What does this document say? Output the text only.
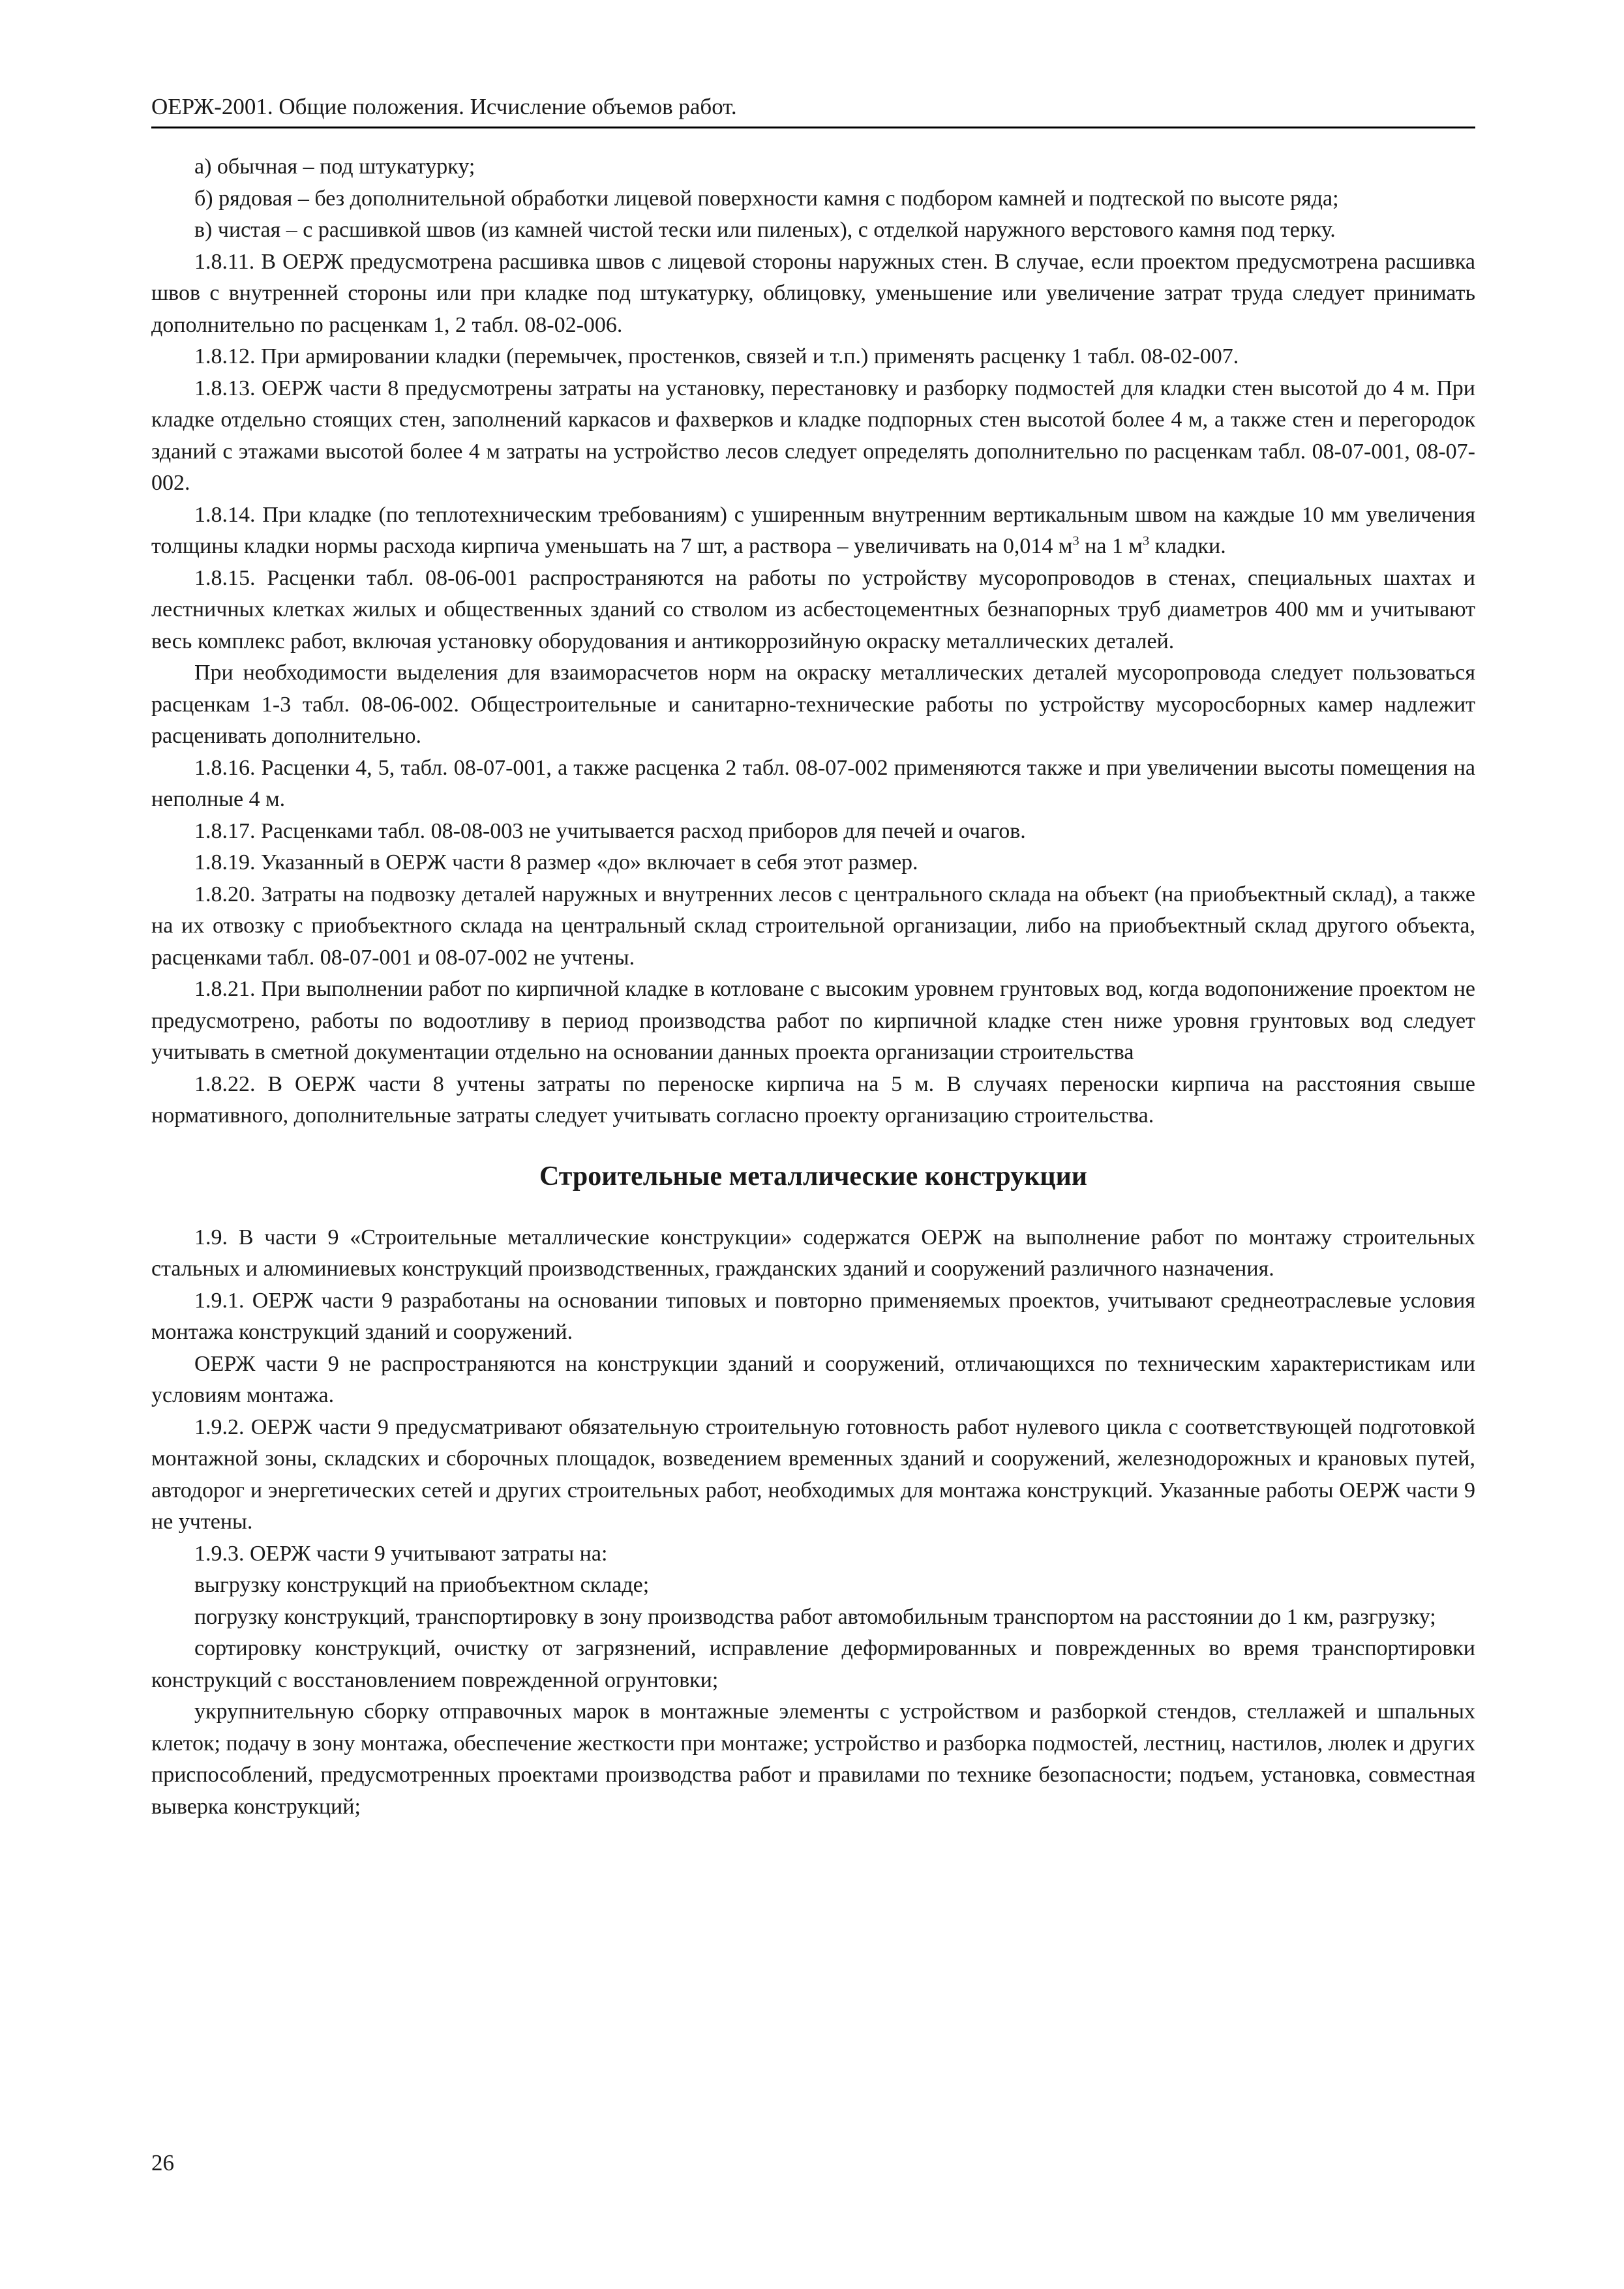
ОЕРЖ-2001. Общие положения. Исчисление объемов работ.

а) обычная – под штукатурку;

б) рядовая – без дополнительной обработки лицевой поверхности камня с подбором камней и подтеской по высоте ряда;

в) чистая – с расшивкой швов (из камней чистой тески или пиленых), с отделкой наружного верстового камня под терку.

1.8.11. В ОЕРЖ предусмотрена расшивка швов с лицевой стороны наружных стен. В случае, если проектом предусмотрена расшивка швов с внутренней стороны или при кладке под штукатурку, облицовку, уменьшение или увеличение затрат труда следует принимать дополнительно по расценкам 1, 2 табл. 08-02-006.

1.8.12. При армировании кладки (перемычек, простенков, связей и т.п.) применять расценку 1 табл. 08-02-007.

1.8.13. ОЕРЖ части 8 предусмотрены затраты на установку, перестановку и разборку подмостей для кладки стен высотой до 4 м. При кладке отдельно стоящих стен, заполнений каркасов и фахверков и кладке подпорных стен высотой более 4 м, а также стен и перегородок зданий с этажами высотой более 4 м затраты на устройство лесов следует определять дополнительно по расценкам табл. 08-07-001, 08-07-002.

1.8.14. При кладке (по теплотехническим требованиям) с уширенным внутренним вертикальным швом на каждые 10 мм увеличения толщины кладки нормы расхода кирпича уменьшать на 7 шт, а раствора – увеличивать на 0,014 $м^3$ на 1 $м^3$ кладки.

1.8.15. Расценки табл. 08-06-001 распространяются на работы по устройству мусоропроводов в стенах, специальных шахтах и лестничных клетках жилых и общественных зданий со стволом из асбестоцементных безнапорных труб диаметров 400 мм и учитывают весь комплекс работ, включая установку оборудования и антикоррозийную окраску металлических деталей.

При необходимости выделения для взаиморасчетов норм на окраску металлических деталей мусоропровода следует пользоваться расценкам 1-3 табл. 08-06-002. Общестроительные и санитарно-технические работы по устройству мусоросборных камер надлежит расценивать дополнительно.

1.8.16. Расценки 4, 5, табл. 08-07-001, а также расценка 2 табл. 08-07-002 применяются также и при увеличении высоты помещения на неполные 4 м.

1.8.17. Расценками табл. 08-08-003 не учитывается расход приборов для печей и очагов.

1.8.19. Указанный в ОЕРЖ части 8 размер «до» включает в себя этот размер.

1.8.20. Затраты на подвозку деталей наружных и внутренних лесов с центрального склада на объект (на приобъектный склад), а также на их отвозку с приобъектного склада на центральный склад строительной организации, либо на приобъектный склад другого объекта, расценками табл. 08-07-001 и 08-07-002 не учтены.

1.8.21. При выполнении работ по кирпичной кладке в котловане с высоким уровнем грунтовых вод, когда водопонижение проектом не предусмотрено, работы по водоотливу в период производства работ по кирпичной кладке стен ниже уровня грунтовых вод следует учитывать в сметной документации отдельно на основании данных проекта организации строительства

1.8.22. В ОЕРЖ части 8 учтены затраты по переноске кирпича на 5 м. В случаях переноски кирпича на расстояния свыше нормативного, дополнительные затраты следует учитывать согласно проекту организацию строительства.

Строительные металлические конструкции

1.9. В части 9 «Строительные металлические конструкции» содержатся ОЕРЖ на выполнение работ по монтажу строительных стальных и алюминиевых конструкций производственных, гражданских зданий и сооружений различного назначения.

1.9.1. ОЕРЖ части 9 разработаны на основании типовых и повторно применяемых проектов, учитывают среднеотраслевые условия монтажа конструкций зданий и сооружений.

ОЕРЖ части 9 не распространяются на конструкции зданий и сооружений, отличающихся по техническим характеристикам или условиям монтажа.

1.9.2. ОЕРЖ части 9 предусматривают обязательную строительную готовность работ нулевого цикла с соответствующей подготовкой монтажной зоны, складских и сборочных площадок, возведением временных зданий и сооружений, железнодорожных и крановых путей, автодорог и энергетических сетей и других строительных работ, необходимых для монтажа конструкций. Указанные работы ОЕРЖ части 9 не учтены.

1.9.3. ОЕРЖ части 9 учитывают затраты на:

выгрузку конструкций на приобъектном складе;

погрузку конструкций, транспортировку в зону производства работ автомобильным транспортом на расстоянии до 1 км, разгрузку;

сортировку конструкций, очистку от загрязнений, исправление деформированных и поврежденных во время транспортировки конструкций с восстановлением поврежденной огрунтовки;

укрупнительную сборку отправочных марок в монтажные элементы с устройством и разборкой стендов, стеллажей и шпальных клеток; подачу в зону монтажа, обеспечение жесткости при монтаже; устройство и разборка подмостей, лестниц, настилов, люлек и других приспособлений, предусмотренных проектами производства работ и правилами по технике безопасности; подъем, установка, совместная выверка конструкций;

26
